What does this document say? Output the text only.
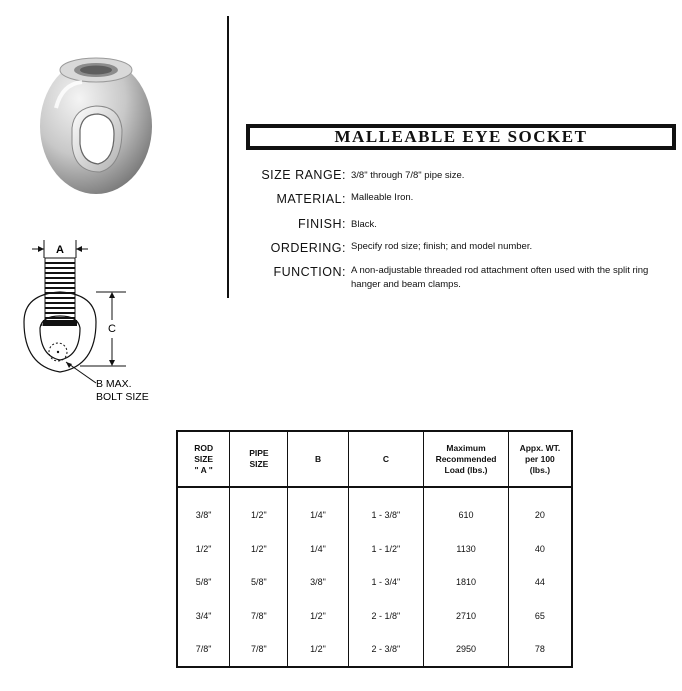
MALLEABLE EYE SOCKET
SIZE RANGE: 3/8" through 7/8" pipe size.
MATERIAL: Malleable Iron.
FINISH: Black.
ORDERING: Specify rod size; finish; and model number.
FUNCTION: A non-adjustable threaded rod attachment often used with the split ring hanger and beam clamps.
A
C
B MAX.
BOLT SIZE
ROD
SIZE
" A "	PIPE
SIZE	B	C	Maximum
Recommended
Load (lbs.)	Appx. WT.
per 100
(lbs.)
3/8"	1/2"	1/4"	1 - 3/8"	610	20
1/2"	1/2"	1/4"	1 - 1/2"	1130	40
5/8"	5/8"	3/8"	1 - 3/4"	1810	44
3/4"	7/8"	1/2"	2 - 1/8"	2710	65
7/8"	7/8"	1/2"	2 - 3/8"	2950	78
